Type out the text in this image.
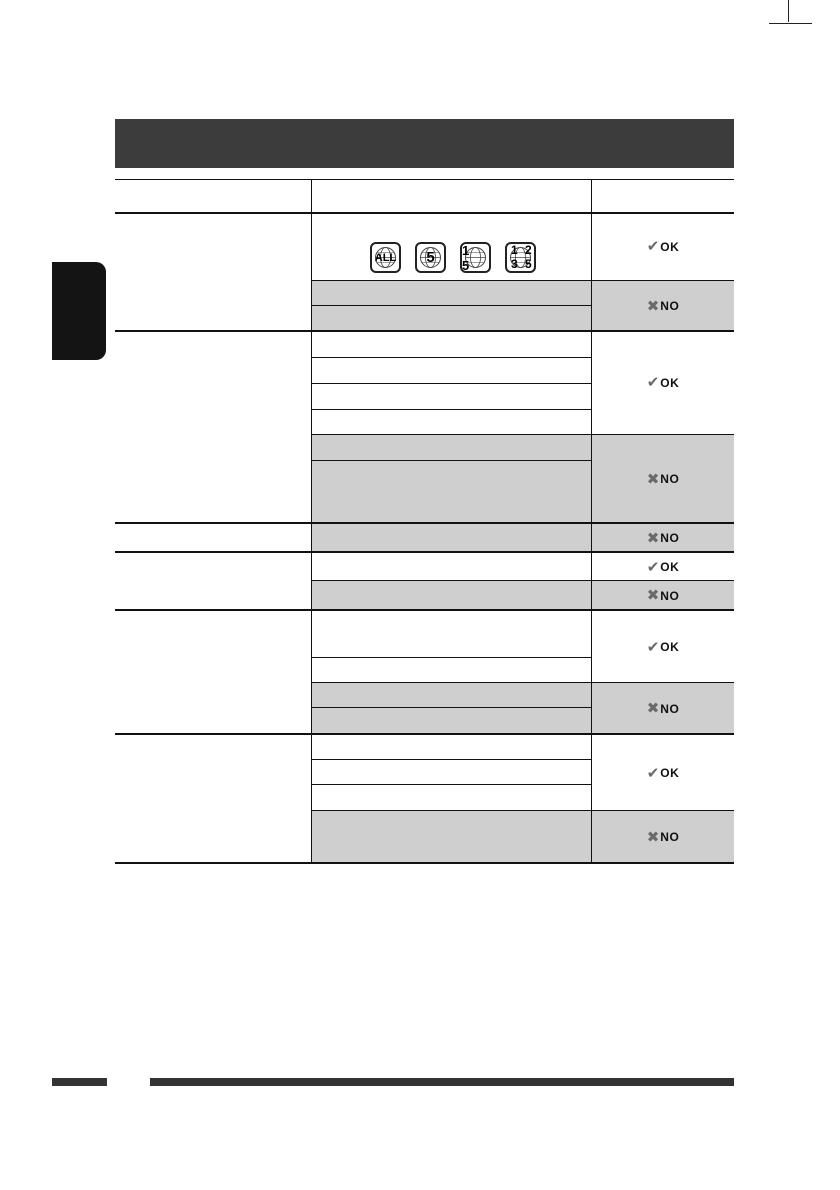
ALL	5	1 5
1 2
3 5
✔ OK
✖ NO
✔ OK
✖ NO
✖ NO
✔ OK
✖ NO
✔ OK
✖ NO
✔ OK
✖ NO
